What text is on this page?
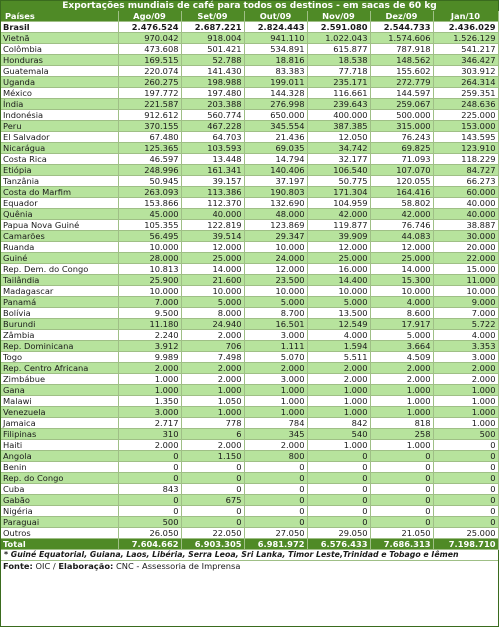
Exportações mundiais de café para todos os destinos - em sacas de 60 kg
Países	Ago/09	Set/09	Out/09	Nov/09	Dez/09	Jan/10
Brasil	2.476.524	2.687.221	2.824.443	2.591.080	2.544.733	2.436.029
Vietnã	970.042	918.004	941.110	1.022.043	1.574.606	1.526.129
Colômbia	473.608	501.421	534.891	615.877	787.918	541.217
Honduras	169.515	52.788	18.816	18.538	148.562	346.427
Guatemala	220.074	141.430	83.383	77.718	155.602	303.912
Uganda	260.275	198.988	199.011	235.171	272.779	264.314
México	197.772	197.480	144.328	116.661	144.597	259.351
Índia	221.587	203.388	276.998	239.643	259.067	248.636
Indonésia	912.612	560.774	650.000	400.000	500.000	225.000
Peru	370.155	467.228	345.554	387.385	315.000	153.000
El Salvador	67.480	64.703	21.436	12.050	76.243	143.595
Nicarágua	125.365	103.593	69.035	34.742	69.825	123.910
Costa Rica	46.597	13.448	14.794	32.177	71.093	118.229
Etiópia	248.996	161.341	140.406	106.540	107.070	84.727
Tanzânia	50.945	39.157	37.197	50.775	120.055	66.273
Costa do Marfim	263.093	113.386	190.803	171.304	164.416	60.000
Equador	153.866	112.370	132.690	104.959	58.802	40.000
Quênia	45.000	40.000	48.000	42.000	42.000	40.000
Papua Nova Guiné	105.355	122.819	123.869	119.877	76.746	38.887
Camarões	56.495	39.514	29.347	39.909	44.083	30.000
Ruanda	10.000	12.000	10.000	12.000	12.000	20.000
Guiné	28.000	25.000	24.000	25.000	25.000	22.000
Rep. Dem. do Congo	10.813	14.000	12.000	16.000	14.000	15.000
Tailândia	25.900	21.600	23.500	14.400	15.300	11.000
Madagascar	10.000	10.000	10.000	10.000	10.000	10.000
Panamá	7.000	5.000	5.000	5.000	4.000	9.000
Bolívia	9.500	8.000	8.700	13.500	8.600	7.000
Burundi	11.180	24.940	16.501	12.549	17.917	5.722
Zâmbia	2.240	2.000	3.000	4.000	5.000	4.000
Rep. Dominicana	3.912	706	1.111	1.594	3.664	3.353
Togo	9.989	7.498	5.070	5.511	4.509	3.000
Rep. Centro Africana	2.000	2.000	2.000	2.000	2.000	2.000
Zimbábue	1.000	2.000	3.000	2.000	2.000	2.000
Gana	1.000	1.000	1.000	1.000	1.000	1.000
Malawi	1.350	1.050	1.000	1.000	1.000	1.000
Venezuela	3.000	1.000	1.000	1.000	1.000	1.000
Jamaica	2.717	778	784	842	818	1.000
Filipinas	310	6	345	540	258	500
Haiti	2.000	2.000	2.000	1.000	1.000	0
Angola	0	1.150	800	0	0	0
Benin	0	0	0	0	0	0
Rep. do Congo	0	0	0	0	0	0
Cuba	843	0	0	0	0	0
Gabão	0	675	0	0	0	0
Nigéria	0	0	0	0	0	0
Paraguai	500	0	0	0	0	0
Outros	26.050	22.050	27.050	29.050	21.050	25.000
Total	7.604.662	6.903.305	6.981.972	6.576.433	7.686.313	7.198.710
* Guiné Equatorial, Guiana, Laos, Libéria, Serra Leoa, Sri Lanka, Timor Leste,Trinidad e Tobago e Iêmen
Fonte: OIC / Elaboração: CNC - Assessoria de Imprensa
